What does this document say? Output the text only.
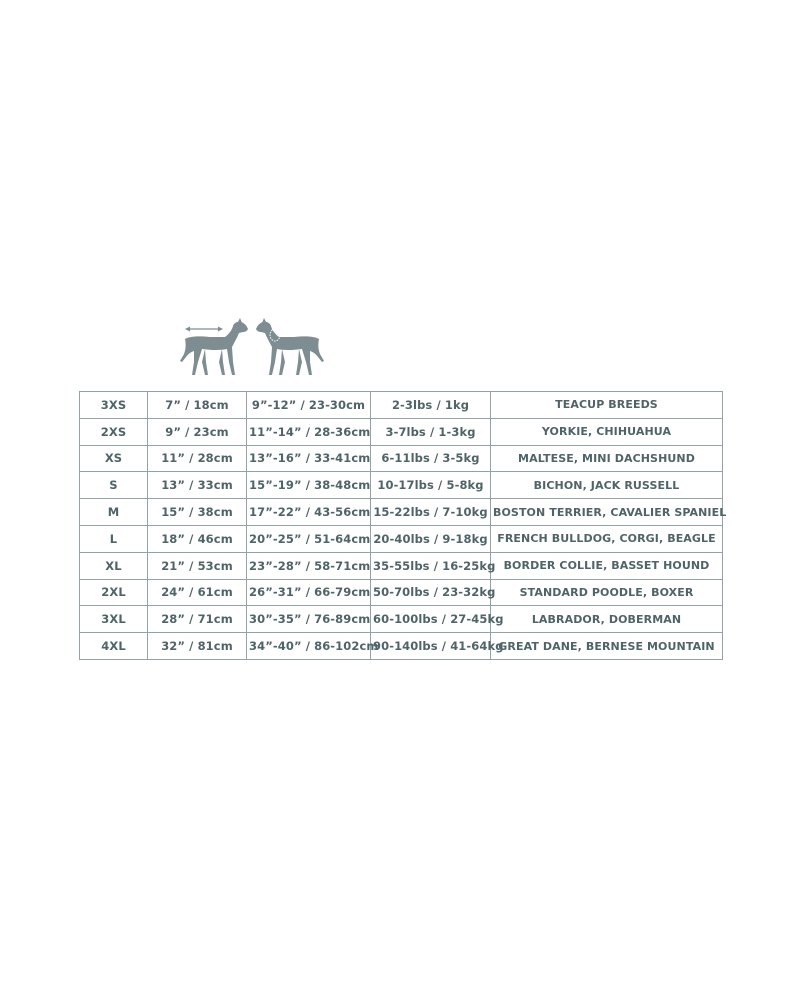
3XS	7” / 18cm	9”-12” / 23-30cm	2-3lbs / 1kg	TEACUP BREEDS
2XS	9” / 23cm	11”-14” / 28-36cm	3-7lbs / 1-3kg	YORKIE, CHIHUAHUA
XS	11” / 28cm	13”-16” / 33-41cm	6-11lbs / 3-5kg	MALTESE, MINI DACHSHUND
S	13” / 33cm	15”-19” / 38-48cm	10-17lbs / 5-8kg	BICHON, JACK RUSSELL
M	15” / 38cm	17”-22” / 43-56cm	15-22lbs / 7-10kg	BOSTON TERRIER, CAVALIER SPANIEL
L	18” / 46cm	20”-25” / 51-64cm	20-40lbs / 9-18kg	FRENCH BULLDOG, CORGI, BEAGLE
XL	21” / 53cm	23”-28” / 58-71cm	35-55lbs / 16-25kg	BORDER COLLIE, BASSET HOUND
2XL	24” / 61cm	26”-31” / 66-79cm	50-70lbs / 23-32kg	STANDARD POODLE, BOXER
3XL	28” / 71cm	30”-35” / 76-89cm	60-100lbs / 27-45kg	LABRADOR, DOBERMAN
4XL	32” / 81cm	34”-40” / 86-102cm	90-140lbs / 41-64kg	GREAT DANE, BERNESE MOUNTAIN
